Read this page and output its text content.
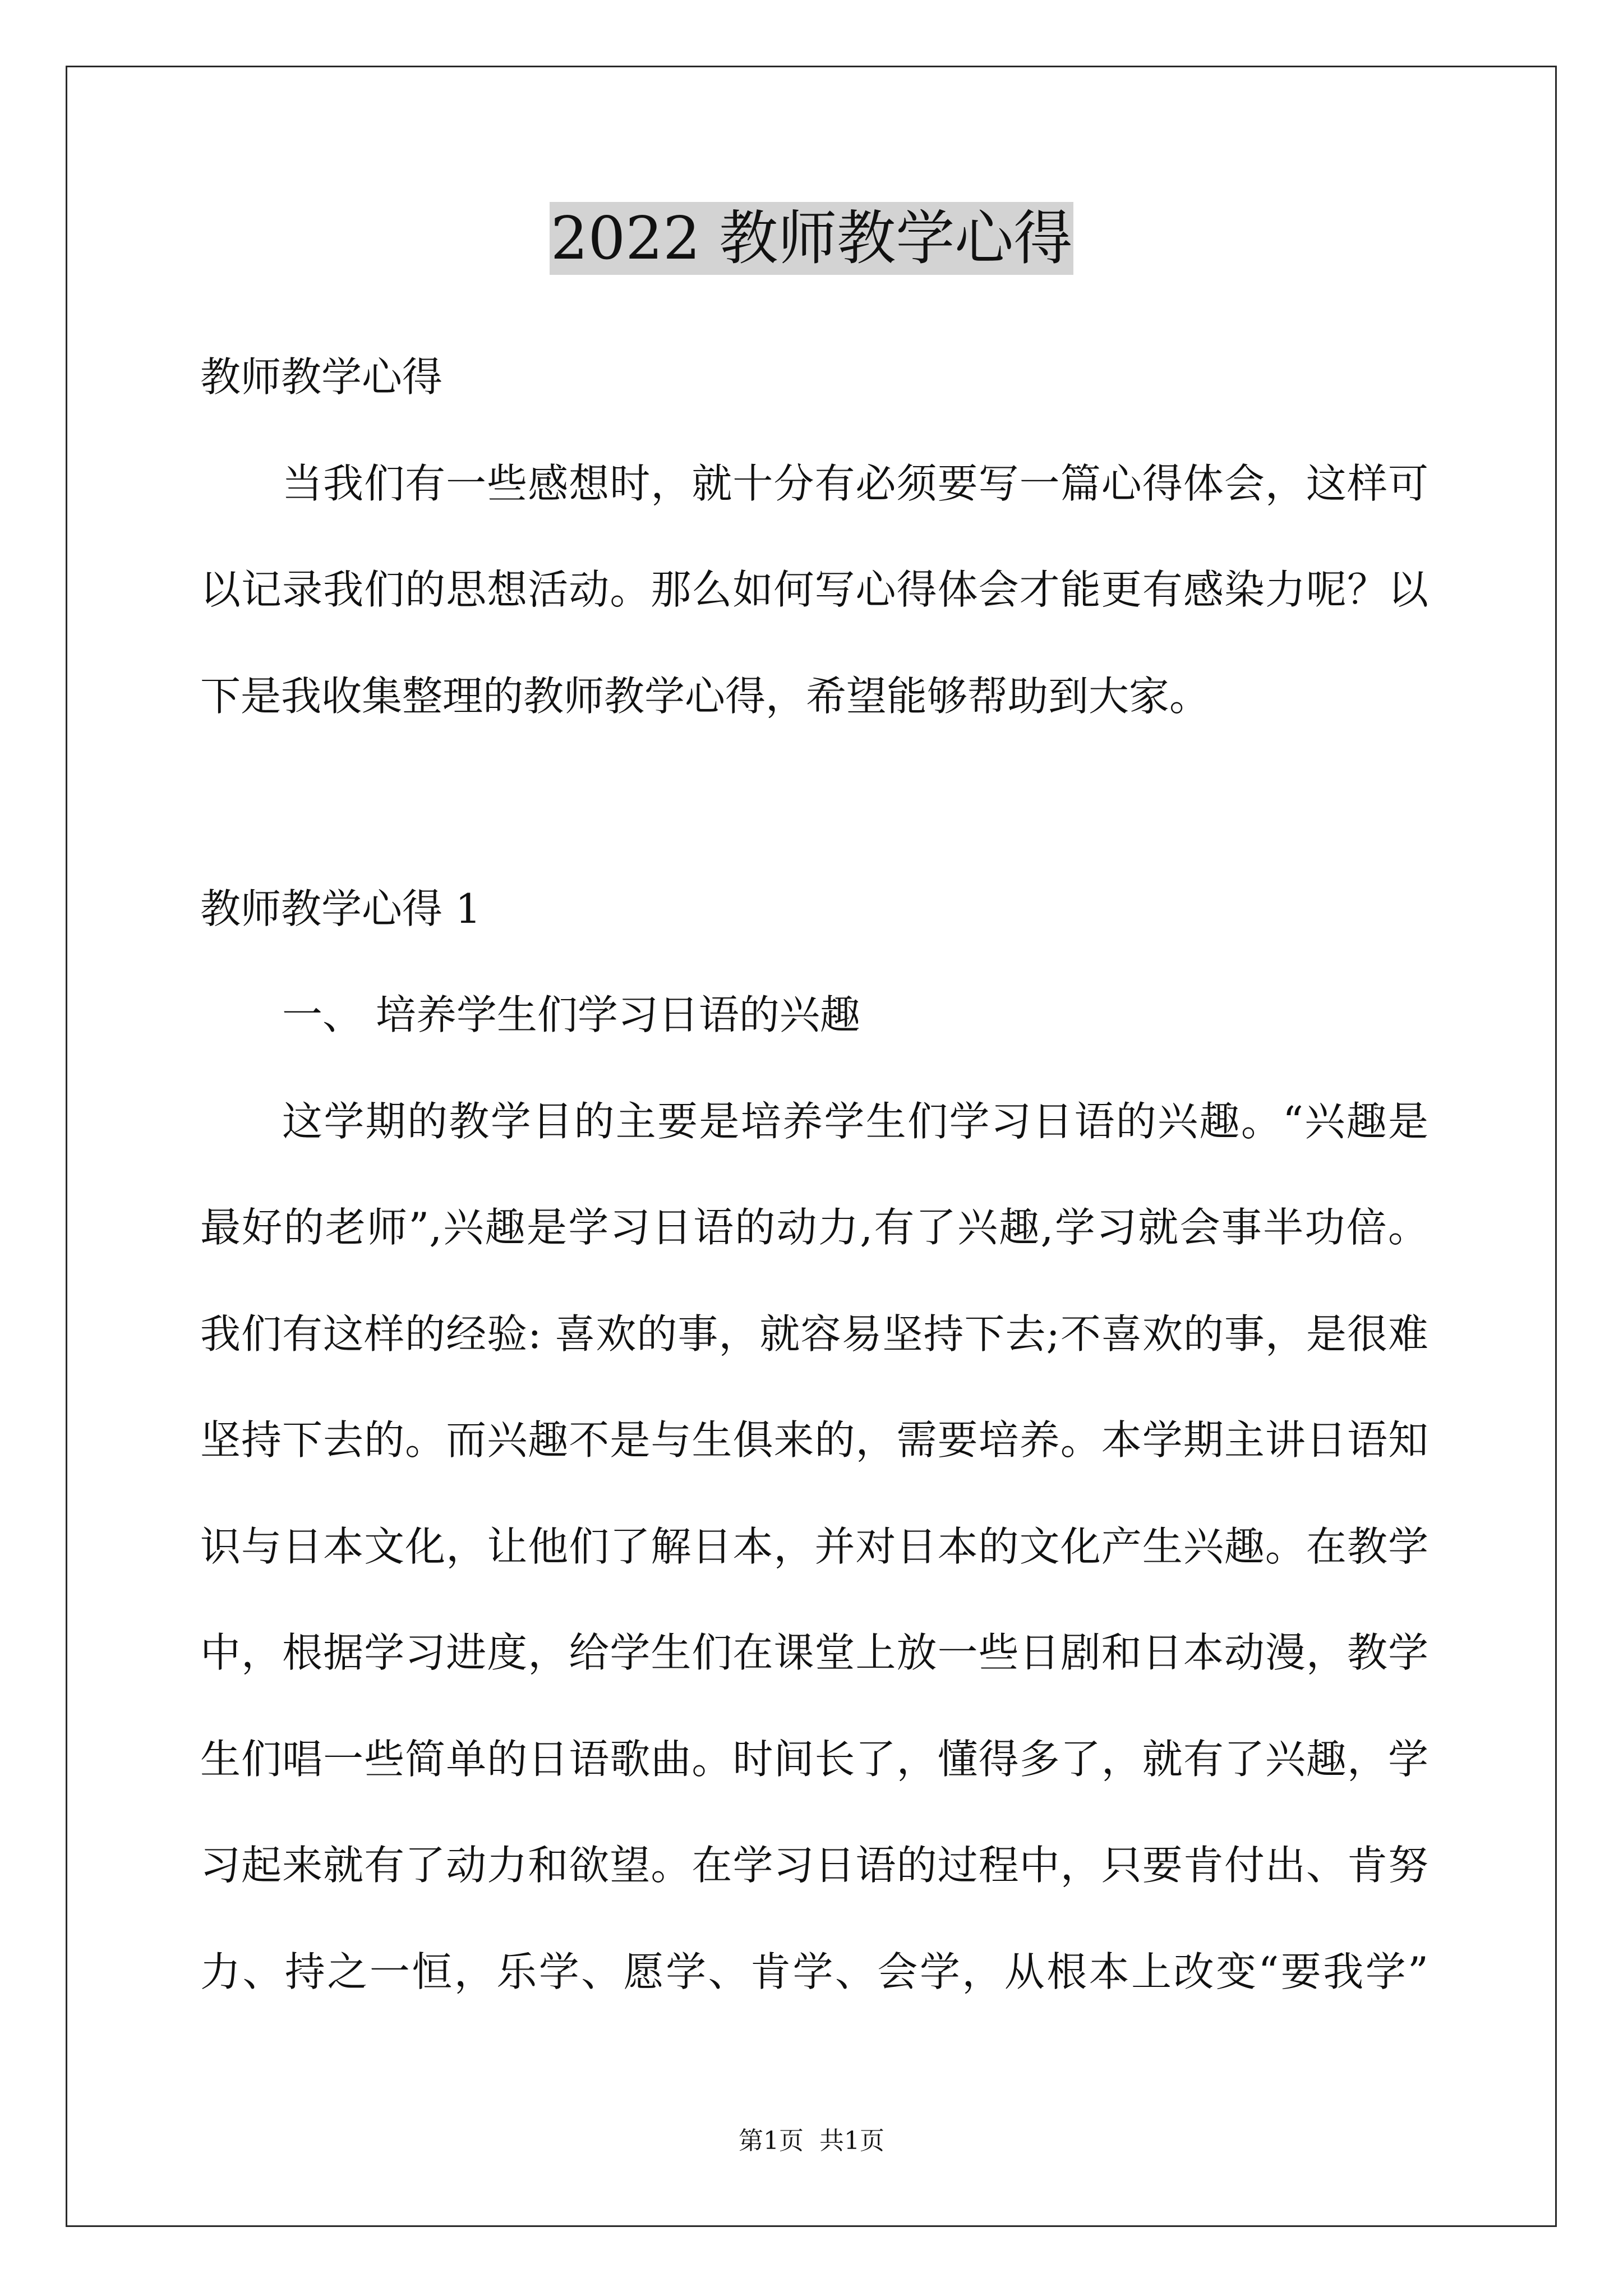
2022 教师教学心得
教师教学心得
当我们有一些感想时，就十分有必须要写一篇心得体会，这样可
以记录我们的思想活动。那么如何写心得体会才能更有感染力呢？以
下是我收集整理的教师教学心得，希望能够帮助到大家。
教师教学心得 1
一、 培养学生们学习日语的兴趣
这学期的教学目的主要是培养学生们学习日语的兴趣。“兴趣是
最好的老师”,兴趣是学习日语的动力,有了兴趣,学习就会事半功倍。
我们有这样的经验: 喜欢的事，就容易坚持下去;不喜欢的事，是很难
坚持下去的。而兴趣不是与生俱来的，需要培养。本学期主讲日语知
识与日本文化，让他们了解日本，并对日本的文化产生兴趣。在教学
中，根据学习进度，给学生们在课堂上放一些日剧和日本动漫，教学
生们唱一些简单的日语歌曲。时间长了，懂得多了，就有了兴趣，学
习起来就有了动力和欲望。在学习日语的过程中，只要肯付出、肯努
力、持之一恒，乐学、愿学、肯学、会学，从根本上改变“要我学”
第1页  共1页
